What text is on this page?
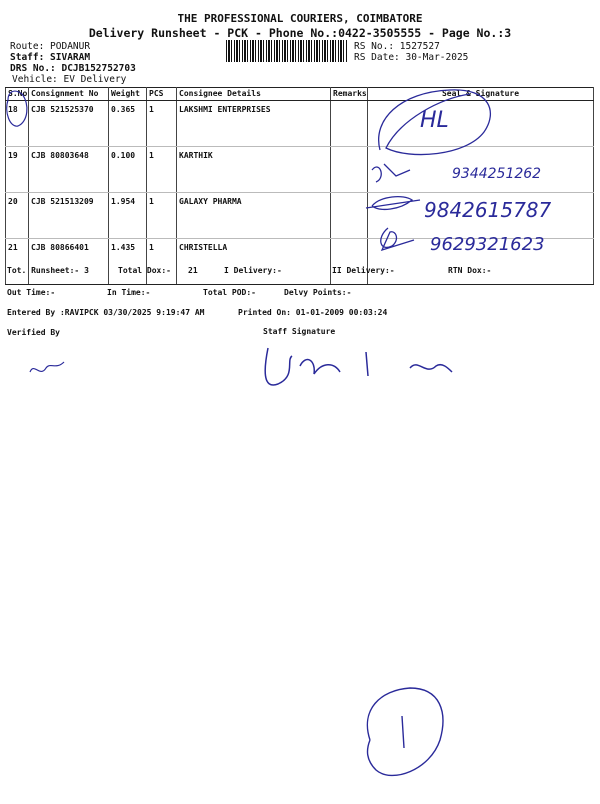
THE PROFESSIONAL COURIERS, COIMBATORE
Delivery Runsheet - PCK - Phone No.:0422-3505555 - Page No.:3
Route: PODANUR
Staff: SIVARAM
DRS No.: DCJB152752703
Vehicle: EV Delivery
RS No.: 1527527
RS Date: 30-Mar-2025
S.No	Consignment No	Weight	PCS	Consignee Details	Remarks	Seal & Signature
18	CJB 521525370	0.365	1	LAKSHMI ENTERPRISES		
19	CJB 80803648	0.100	1	KARTHIK		
20	CJB 521513209	1.954	1	GALAXY PHARMA		
21	CJB 80866401	1.435	1	CHRISTELLA		
HL
9344251262
9842615787
9629321623
Tot. Runsheet:- 3	Total Dox:- 21	I Delivery:-	II Delivery:-	RTN Dox:-
Out Time:-	In Time:-	Total POD:-	Delvy Points:-
Entered By :RAVIPCK 03/30/2025 9:19:47 AM	Printed On: 01-01-2009 00:03:24
Verified By	Staff Signature
